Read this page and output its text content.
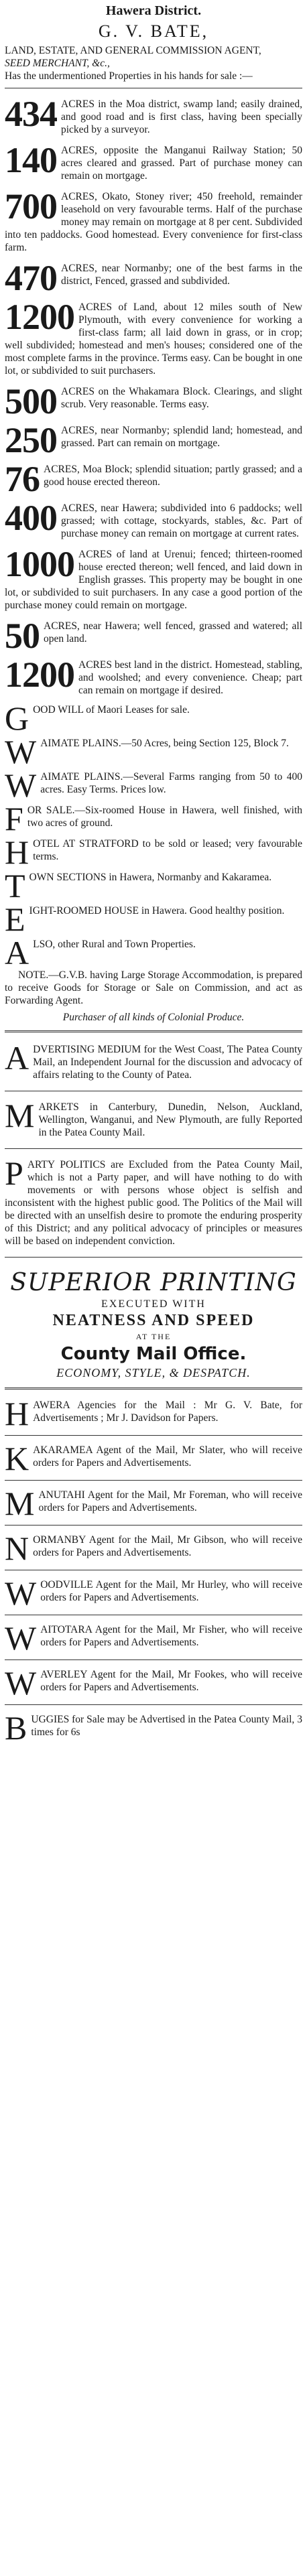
Hawera District.
G. V. BATE,

LAND, ESTATE, AND GENERAL COMMISSION AGENT,

SEED MERCHANT, &c.,

Has the undermentioned Properties in his hands for sale :—

434 ACRES in the Moa district, swamp land; easily drained, and good road and is first class, having been specially picked by a surveyor.
140 ACRES, opposite the Manganui Railway Station; 50 acres cleared and grassed. Part of purchase money can remain on mortgage.
700 ACRES, Okato, Stoney river; 450 freehold, remainder leasehold on very favourable terms. Half of the purchase money may remain on mortgage at 8 per cent. Subdivided into ten paddocks. Good homestead. Every convenience for first-class farm.
470 ACRES, near Normanby; one of the best farms in the district, Fenced, grassed and subdivided.
1200 ACRES of Land, about 12 miles south of New Plymouth, with every convenience for working a first-class farm; all laid down in grass, or in crop; well subdivided; homestead and men's houses; considered one of the most complete farms in the province. Terms easy. Can be bought in one lot, or subdivided to suit purchasers.
500 ACRES on the Whakamara Block. Clearings, and slight scrub. Very reasonable. Terms easy.
250 ACRES, near Normanby; splendid land; homestead, and grassed. Part can remain on mortgage.
76 ACRES, Moa Block; splendid situation; partly grassed; and a good house erected thereon.
400 ACRES, near Hawera; subdivided into 6 paddocks; well grassed; with cottage, stockyards, stables, &c. Part of purchase money can remain on mortgage at current rates.
1000 ACRES of land at Urenui; fenced; thirteen-roomed house erected thereon; well fenced, and laid down in English grasses. This property may be bought in one lot, or subdivided to suit purchasers. In any case a good portion of the purchase money could remain on mortgage.
50 ACRES, near Hawera; well fenced, grassed and watered; all open land.
1200 ACRES best land in the district. Homestead, stabling, and woolshed; and every convenience. Cheap; part can remain on mortgage if desired.
GOOD WILL of Maori Leases for sale.
WAIMATE PLAINS.—50 Acres, being Section 125, Block 7.
WAIMATE PLAINS.—Several Farms ranging from 50 to 400 acres. Easy Terms. Prices low.
FOR SALE.—Six-roomed House in Hawera, well finished, with two acres of ground.
HOTEL AT STRATFORD to be sold or leased; very favourable terms.
TOWN SECTIONS in Hawera, Normanby and Kakaramea.
EIGHT-ROOMED HOUSE in Hawera. Good healthy position.
ALSO, other Rural and Town Properties.

NOTE.—G.V.B. having Large Storage Accommodation, is prepared to receive Goods for Storage or Sale on Commission, and act as Forwarding Agent.

Purchaser of all kinds of Colonial Produce.

ADVERTISING MEDIUM for the West Coast, The Patea County Mail, an Independent Journal for the discussion and advocacy of affairs relating to the County of Patea.
MARKETS in Canterbury, Dunedin, Nelson, Auckland, Wellington, Wanganui, and New Plymouth, are fully Reported in the Patea County Mail.
PARTY POLITICS are Excluded from the Patea County Mail, which is not a Party paper, and will have nothing to do with movements or with persons whose object is selfish and inconsistent with the highest public good. The Politics of the Mail will be directed with an unselfish desire to promote the enduring prosperity of this District; and any political advocacy of principles or measures will be based on independent conviction.
SUPERIOR PRINTING
EXECUTED WITH
NEATNESS AND SPEED
AT THE
County Mail Office.
ECONOMY, STYLE, & DESPATCH.
HAWERA Agencies for the Mail : Mr G. V. Bate, for Advertisements ; Mr J. Davidson for Papers.
KAKARAMEA Agent of the Mail, Mr Slater, who will receive orders for Papers and Advertisements.
MANUTAHI Agent for the Mail, Mr Foreman, who will receive orders for Papers and Advertisements.
NORMANBY Agent for the Mail, Mr Gibson, who will receive orders for Papers and Advertisements.
WOODVILLE Agent for the Mail, Mr Hurley, who will receive orders for Papers and Advertisements.
WAITOTARA Agent for the Mail, Mr Fisher, who will receive orders for Papers and Advertisements.
WAVERLEY Agent for the Mail, Mr Fookes, who will receive orders for Papers and Advertisements.
BUGGIES for Sale may be Advertised in the Patea County Mail, 3 times for 6s
